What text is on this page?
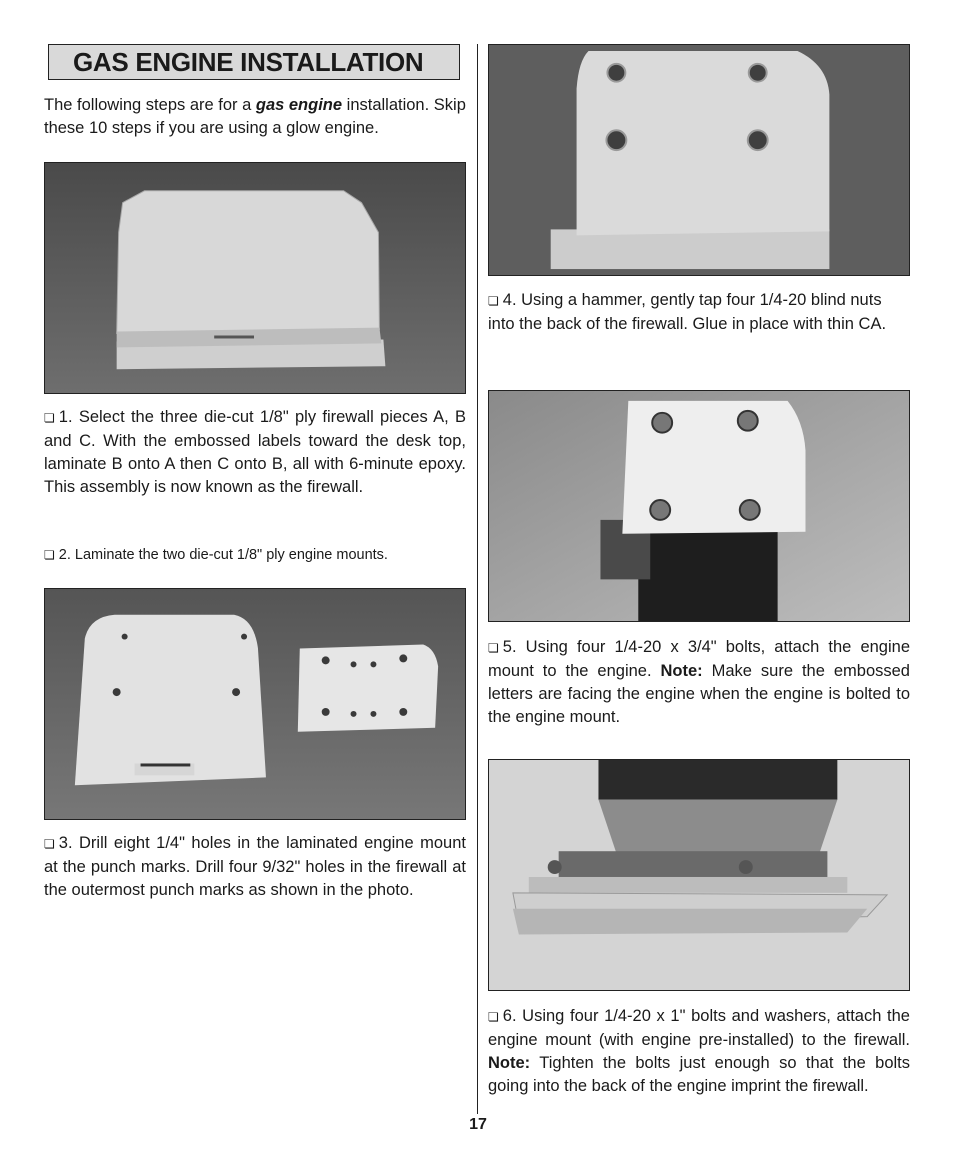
GAS ENGINE INSTALLATION
The following steps are for a gas engine installation. Skip these 10 steps if you are using a glow engine.
❏ 1. Select the three die-cut 1/8" ply firewall pieces A, B and C. With the embossed labels toward the desk top, laminate B onto A then C onto B, all with 6-minute epoxy. This assembly is now known as the firewall.
❏ 2. Laminate the two die-cut 1/8" ply engine mounts.
❏ 3. Drill eight 1/4" holes in the laminated engine mount at the punch marks. Drill four 9/32" holes in the firewall at the outermost punch marks as shown in the photo.
❏ 4. Using a hammer, gently tap four 1/4-20 blind nuts into the back of the firewall. Glue in place with thin CA.
❏ 5. Using four 1/4-20 x 3/4" bolts, attach the engine mount to the engine. Note: Make sure the embossed letters are facing the engine when the engine is bolted to the engine mount.
❏ 6. Using four 1/4-20 x 1" bolts and washers, attach the engine mount (with engine pre-installed) to the firewall. Note: Tighten the bolts just enough so that the bolts going into the back of the engine imprint the firewall.
17
